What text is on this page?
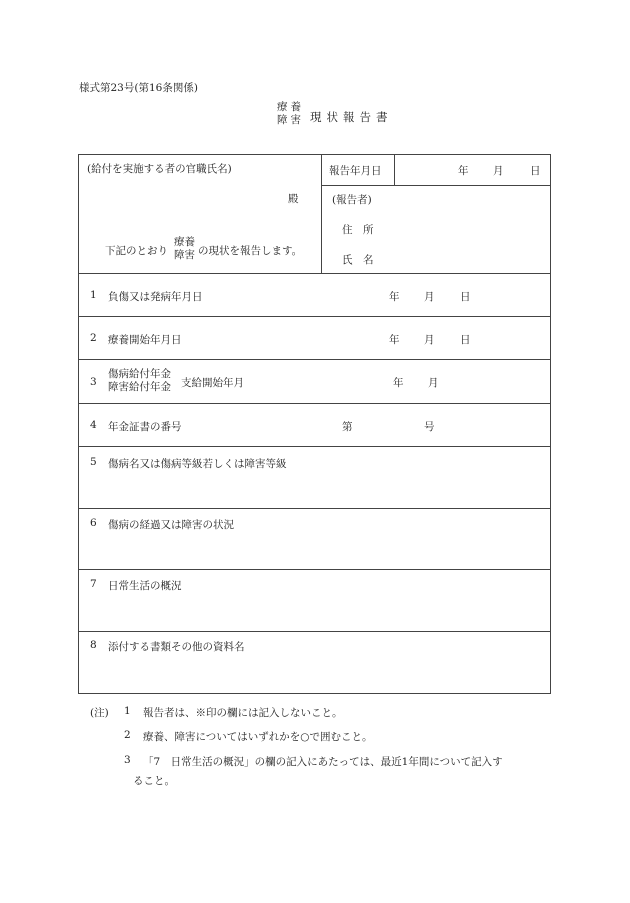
様式第23号(第16条関係)
療養
障害 現状報告書
(給付を実施する者の官職氏名)
殿
下記のとおり
療養
障害 の現状を報告します。
報告年月日	年 月	日
(報告者)
住　所
氏　名
1 負傷又は発病年月日	年 月 日
2 療養開始年月日	年 月 日
3
傷病給付年金
障害給付年金 支給開始年月	年 月
4 年金証書の番号	第	号
5 傷病名又は傷病等級若しくは障害等級
6 傷病の経過又は障害の状況
7 日常生活の概況
8 添付する書類その他の資料名
(注) 1 報告者は、※印の欄には記入しないこと。
2 療養、障害についてはいずれかを○で囲むこと。
3 「7　日常生活の概況」の欄の記入にあたっては、最近1年間について記入す
ること。
